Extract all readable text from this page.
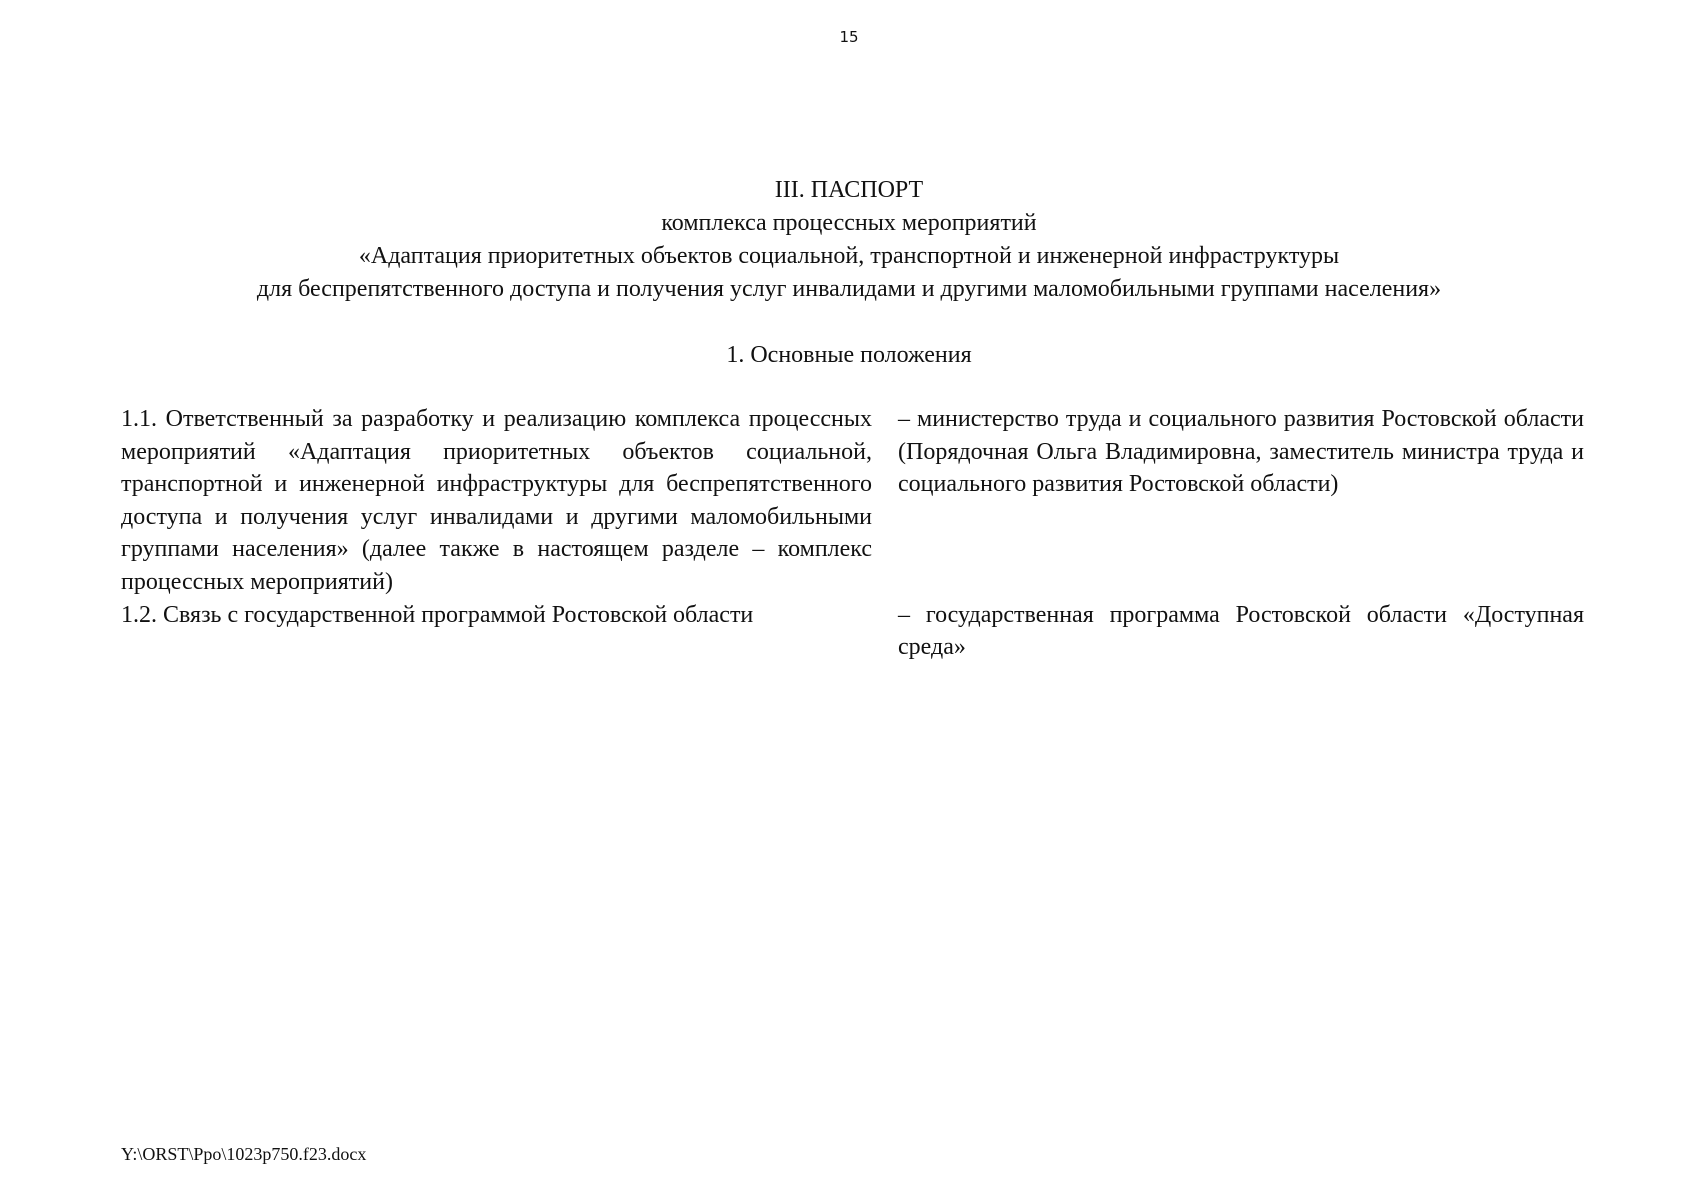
15
III. ПАСПОРТ
комплекса процессных мероприятий
«Адаптация приоритетных объектов социальной, транспортной и инженерной инфраструктуры
для беспрепятственного доступа и получения услуг инвалидами и другими маломобильными группами населения»
1. Основные положения
1.1. Ответственный за разработку и реализацию комплекса процессных мероприятий «Адаптация приоритетных объектов социальной, транспортной и инженерной инфраструктуры для беспрепятственного доступа и получения услуг инвалидами и другими маломобильными группами населения» (далее также в настоящем разделе – комплекс процессных мероприятий)
– министерство труда и социального развития Ростовской области (Порядочная Ольга Владимировна, заместитель министра труда и социального развития Ростовской области)
1.2. Связь с государственной программой Ростовской области	– государственная программа Ростовской области «Доступная среда»
Y:\ORST\Ppo\1023p750.f23.docx
